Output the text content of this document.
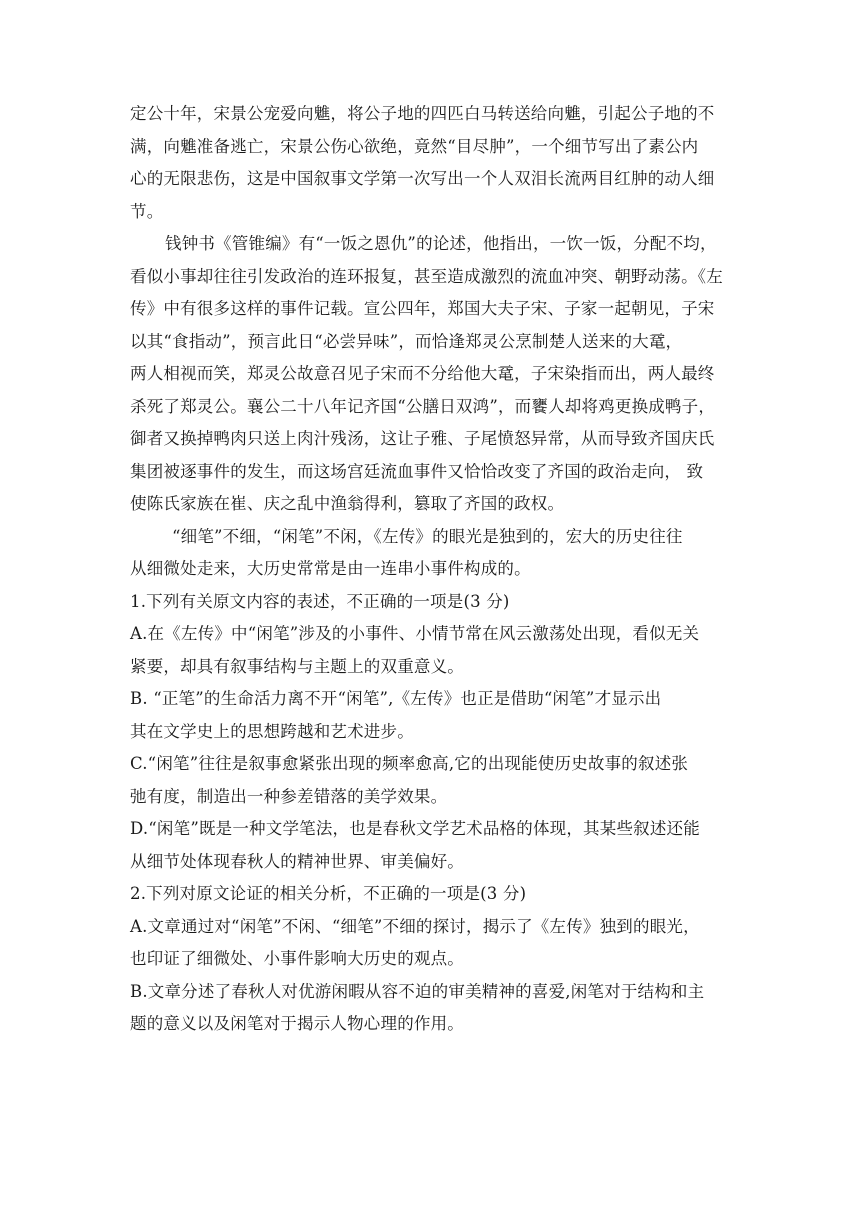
定公十年，宋景公宠爱向魋，将公子地的四匹白马转送给向魋，引起公子地的不
满，向魋准备逃亡，宋景公伤心欲绝，竟然“目尽肿”，一个细节写出了素公内
心的无限悲伤，这是中国叙事文学第一次写出一个人双泪长流两目红肿的动人细
节。
钱钟书《管锥编》有“一饭之恩仇”的论述，他指出，一饮一饭，分配不均，
看似小事却往往引发政治的连环报复，甚至造成激烈的流血冲突、朝野动荡。《左
传》中有很多这样的事件记载。宣公四年，郑国大夫子宋、子家一起朝见，子宋
以其“食指动”，预言此日“必尝异味”，而恰逢郑灵公烹制楚人送来的大鼋，
两人相视而笑，郑灵公故意召见子宋而不分给他大鼋，子宋染指而出，两人最终
杀死了郑灵公。襄公二十八年记齐国“公膳日双鸿”，而饔人却将鸡更换成鸭子，
御者又换掉鸭肉只送上肉汁残汤，这让子雅、子尾愤怒异常，从而导致齐国庆氏
集团被逐事件的发生，而这场宫廷流血事件又恰恰改变了齐国的政治走向， 致
使陈氏家族在崔、庆之乱中渔翁得利，篡取了齐国的政权。
“细笔”不细，“闲笔”不闲，《左传》的眼光是独到的，宏大的历史往往
从细微处走来，大历史常常是由一连串小事件构成的。
1.下列有关原文内容的表述，不正确的一项是(3 分)
A.在《左传》中“闲笔”涉及的小事件、小情节常在风云激荡处出现，看似无关
紧要，却具有叙事结构与主题上的双重意义。
B. “正笔”的生命活力离不开“闲笔”,《左传》也正是借助“闲笔”才显示出
其在文学史上的思想跨越和艺术进步。
C.“闲笔”往往是叙事愈紧张出现的频率愈高,它的出现能使历史故事的叙述张
弛有度，制造出一种参差错落的美学效果。
D.“闲笔”既是一种文学笔法，也是春秋文学艺术品格的体现，其某些叙述还能
从细节处体现春秋人的精神世界、审美偏好。
2.下列对原文论证的相关分析，不正确的一项是(3 分)
A.文章通过对“闲笔”不闲、“细笔”不细的探讨，揭示了《左传》独到的眼光，
也印证了细微处、小事件影响大历史的观点。
B.文章分述了春秋人对优游闲暇从容不迫的审美精神的喜爱,闲笔对于结构和主
题的意义以及闲笔对于揭示人物心理的作用。
